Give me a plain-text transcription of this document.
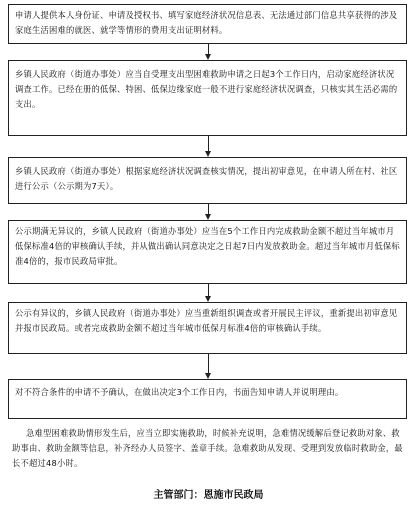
申请人提供本人身份证、申请及授权书、填写家庭经济状况信息表、无法通过部门信息共享获得的涉及家庭生活困难的就医、就学等情形的费用支出证明材料。
乡镇人民政府（街道办事处）应当自受理支出型困难救助申请之日起3个工作日内，启动家庭经济状况调查工作。已经在册的低保、特困、低保边缘家庭一般不进行家庭经济状况调查，只核实其生活必需的支出。
乡镇人民政府（街道办事处）根据家庭经济状况调查核实情况，提出初审意见，在申请人所在村、社区进行公示（公示期为7天）。
公示期满无异议的，乡镇人民政府（街道办事处）应当在5个工作日内完成救助金额不超过当年城市月低保标准4倍的审核确认手续，并从做出确认同意决定之日起7日内发放救助金。超过当年城市月低保标准4倍的，报市民政局审批。
公示有异议的，乡镇人民政府（街道办事处）应当重新组织调查或者开展民主评议，重新提出初审意见并报市民政局。或者完成救助金额不超过当年城市低保月标准4倍的审核确认手续。
对不符合条件的申请不予确认，在做出决定3个工作日内，书面告知申请人并说明理由。
急难型困难救助情形发生后，应当立即实施救助，时候补充说明，急难情况缓解后登记救助对象、救助事由、救助金额等信息，补齐经办人员签字、盖章手续。急难救助从发现、受理到发放临时救助金，最长不超过48小时。
主管部门：恩施市民政局
